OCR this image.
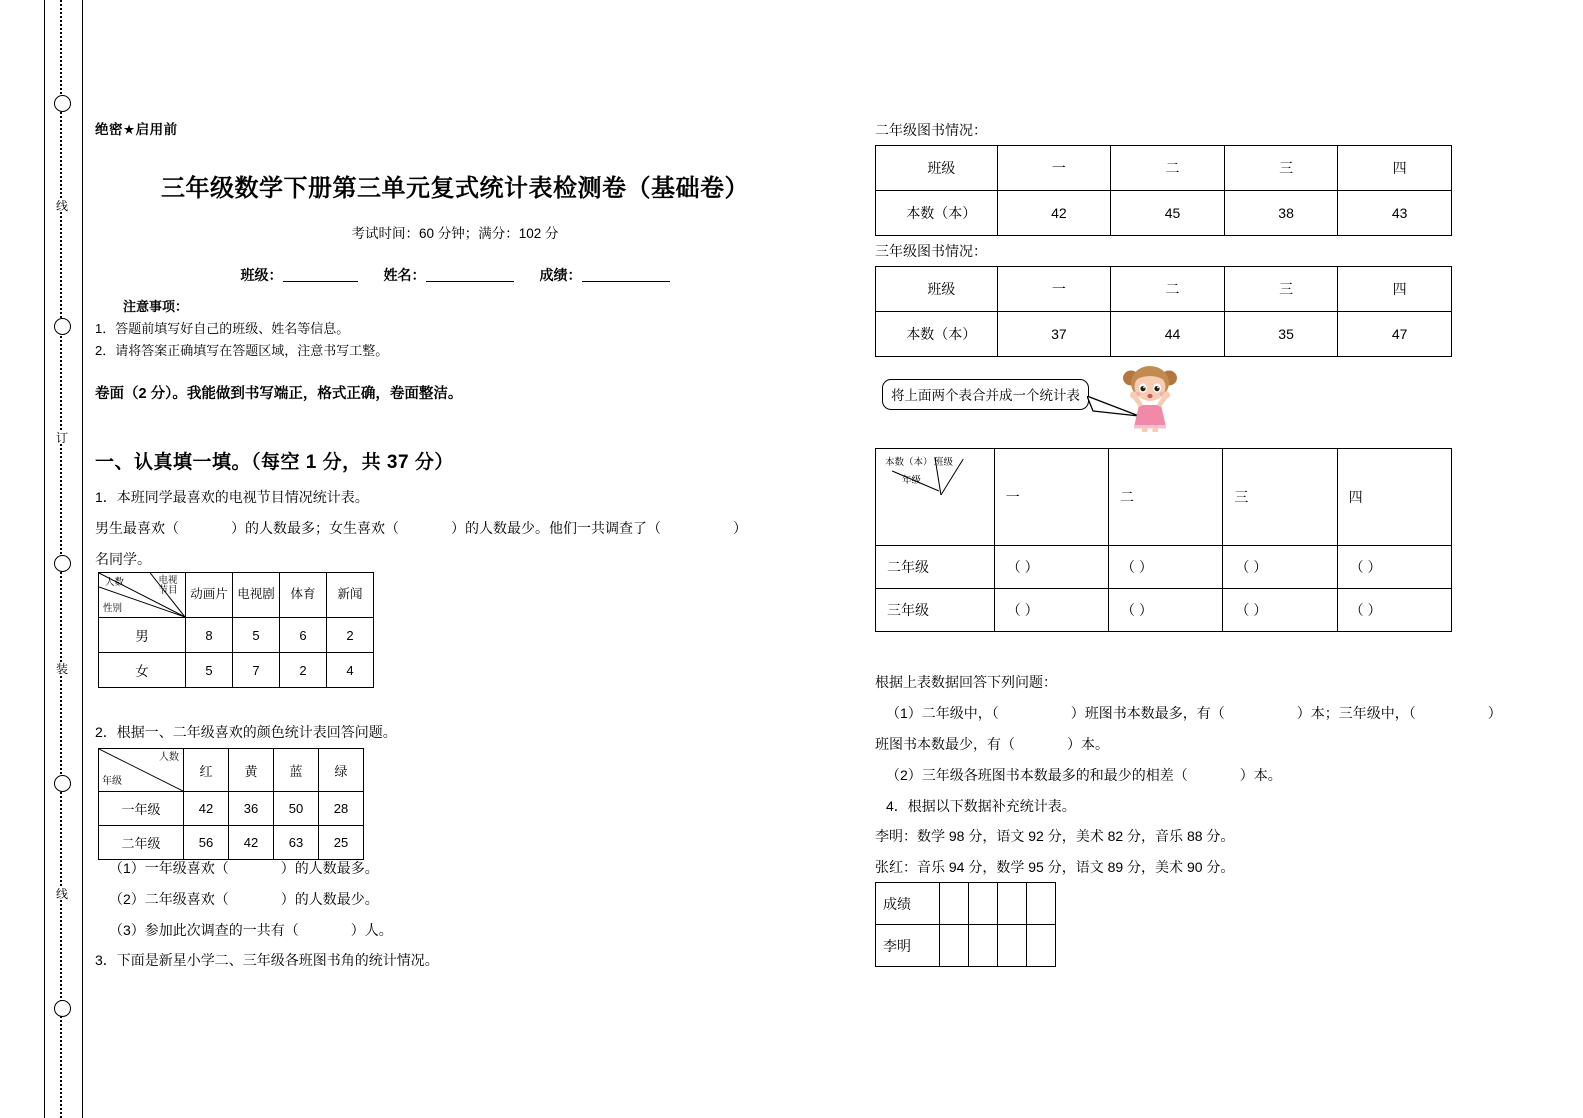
线
订
装
线
绝密★启用前
三年级数学下册第三单元复式统计表检测卷（基础卷）
考试时间：60 分钟；满分：102 分
班级：	姓名：	成绩：
注意事项：
1．答题前填写好自己的班级、姓名等信息。
2．请将答案正确填写在答题区域，注意书写工整。
卷面（2 分）。我能做到书写端正，格式正确，卷面整洁。
一、认真填一填。（每空 1 分，共 37 分）
1．本班同学最喜欢的电视节目情况统计表。
男生最喜欢（	）的人数最多；女生喜欢（	）的人数最少。他们一共调查了（	）
名同学。
人数 电视节目
性别	动画片	电视剧	体育	新闻
男	8	5	6	2
女	5	7	2	4
2．根据一、二年级喜欢的颜色统计表回答问题。
人数
年级	红	黄	蓝	绿
一年级	42	36	50	28
二年级	56	42	63	25
（1）一年级喜欢（	）的人数最多。
（2）二年级喜欢（	）的人数最少。
（3）参加此次调查的一共有（	）人。
3．下面是新星小学二、三年级各班图书角的统计情况。
二年级图书情况：
班级	一	二	三	四
本数（本）	42	45	38	43
三年级图书情况：
班级	一	二	三	四
本数（本）	37	44	35	47
将上面两个表合并成一个统计表
本数（本） 班级
年级	一	二	三	四
二年级	（ ）	（ ）	（ ）	（ ）
三年级	（ ）	（ ）	（ ）	（ ）
根据上表数据回答下列问题：
（1）二年级中，（	）班图书本数最多，有（	）本；三年级中，（	）
班图书本数最少，有（	）本。
（2）三年级各班图书本数最多的和最少的相差（	）本。
4．根据以下数据补充统计表。
李明：数学 98 分，语文 92 分，美术 82 分，音乐 88 分。
张红：音乐 94 分，数学 95 分，语文 89 分，美术 90 分。
成绩				
李明				
